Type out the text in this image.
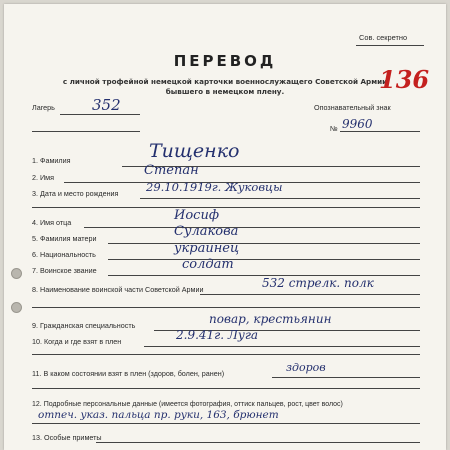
Сов. секретно
ПЕРЕВОД
с личной трофейной немецкой карточки военнослужащего Советской Армии
бывшего в немецком плену.	136
Лагерь 352	Опознавательный знак
№ 9960
1. Фамилия	Тищенко
2. Имя	Степан
3. Дата и место рождения 29.10.1919г. Жуковцы
4. Имя отца	Иосиф
5. Фамилия матери	Сулакова
6. Национальность	украинец
7. Воинское звание	солдат
8. Наименование воинской части Советской Армии	532 стрелк. полк
9. Гражданская специальность	повар, крестьянин
10. Когда и где взят в плен	2.9.41г. Луга
11. В каком состоянии взят в плен (здоров, болен, ранен)	здоров
12. Подробные персональные данные (имеется фотография, оттиск пальцев, рост, цвет волос)
отпеч. указ. пальца пр. руки, 163, брюнет
13. Особые приметы
